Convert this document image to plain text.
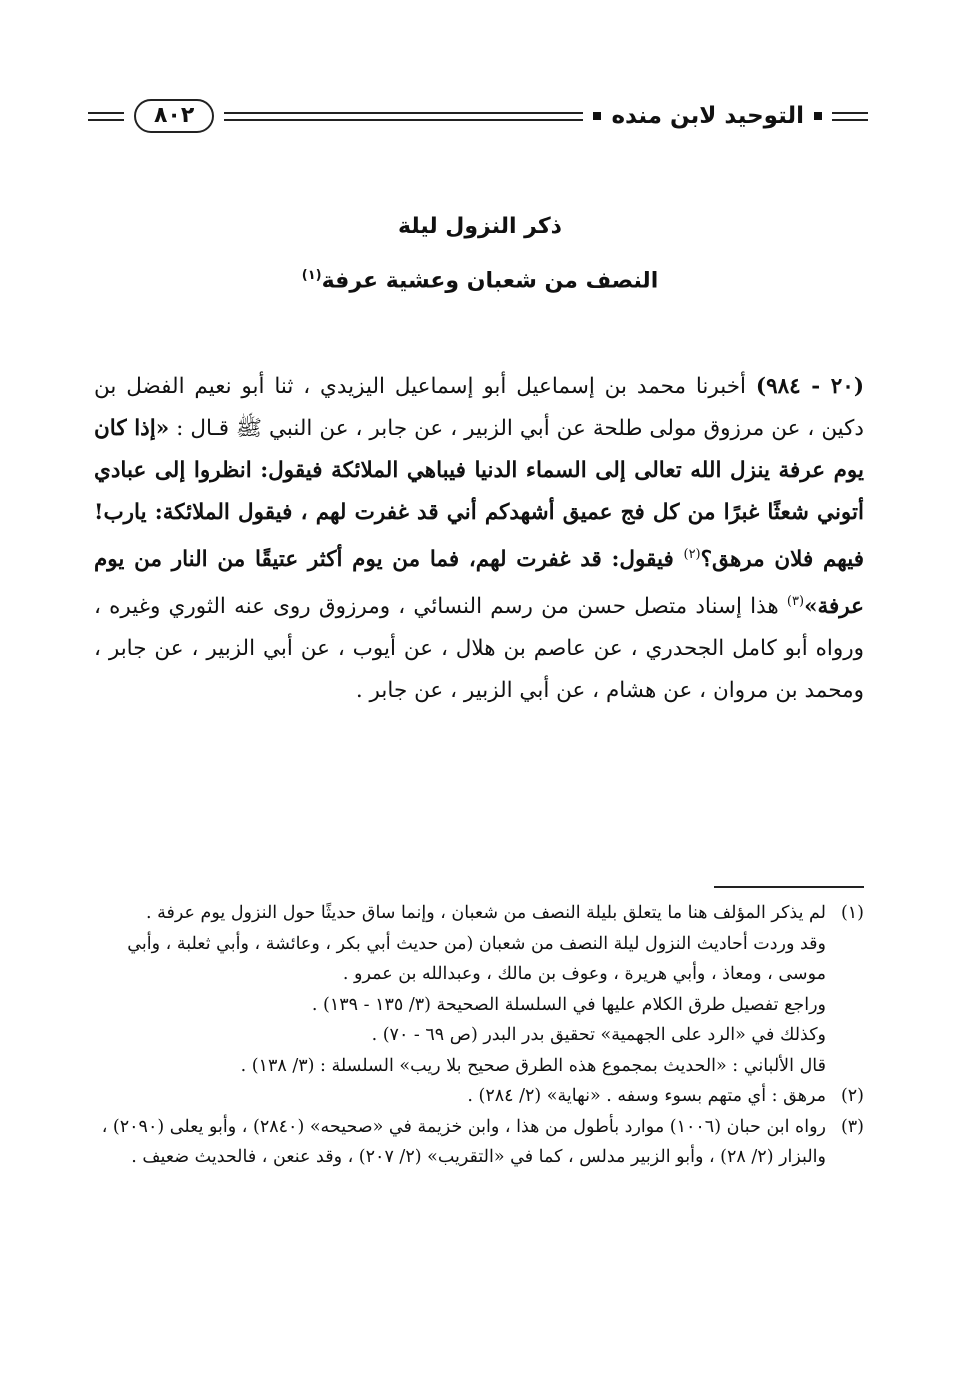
التوحيد لابن منده
٨٠٢
ذكر النزول ليلة
النصف من شعبان وعشية عرفة$^{(١)}$
(٢٠ - ٩٨٤) أخبرنا محمد بن إسماعيل أبو إسماعيل اليزيدي ، ثنا أبو نعيم الفضل بن دكين ، عن مرزوق مولى طلحة عن أبي الزبير ، عن جابر ، عن النبي ﷺ قـال : «إذا كان يوم عرفة ينزل الله تعالى إلى السماء الدنيا فيباهي الملائكة فيقول: انظروا إلى عبادي أتوني شعثًا غبرًا من كل فج عميق أشهدكم أني قد غفرت لهم ، فيقول الملائكة: يارب! فيهم فلان مرهق؟$^{(٢)}$ فيقول: قد غفرت لهم، فما من يوم أكثر عتيقًا من النار من يوم عرفة»$^{(٣)}$ هذا إسناد متصل حسن من رسم النسائي ، ومرزوق روى عنه الثوري وغيره ، ورواه أبو كامل الجحدري ، عن عاصم بن هلال ، عن أيوب ، عن أبي الزبير ، عن جابر ، ومحمد بن مروان ، عن هشام ، عن أبي الزبير ، عن جابر .
(١)

لم يذكر المؤلف هنا ما يتعلق بليلة النصف من شعبان ، وإنما ساق حديثًا حول النزول يوم عرفة .

وقد وردت أحاديث النزول ليلة النصف من شعبان (من حديث أبي بكر ، وعائشة ، وأبي ثعلبة ، وأبي موسى ، ومعاذ ، وأبي هريرة ، وعوف بن مالك ، وعبدالله بن عمرو .

وراجع تفصيل طرق الكلام عليها في السلسلة الصحيحة (٣/ ١٣٥ - ١٣٩) .

وكذلك في «الرد على الجهمية» تحقيق بدر البدر (ص ٦٩ - ٧٠) .

قال الألباني : «الحديث بمجموع هذه الطرق صحيح بلا ريب» السلسلة : (٣/ ١٣٨) .

(٢)
مرهق : أي متهم بسوء وسفه . «نهاية» (٢/ ٢٨٤) .
(٣)
رواه ابن حبان (١٠٠٦) موارد بأطول من هذا ، وابن خزيمة في «صحيحه» (٢٨٤٠) ، وأبو يعلى (٢٠٩٠) ، والبزار (٢/ ٢٨) ، وأبو الزبير مدلس ، كما في «التقريب» (٢/ ٢٠٧) ، وقد عنعن ، فالحديث ضعيف .
